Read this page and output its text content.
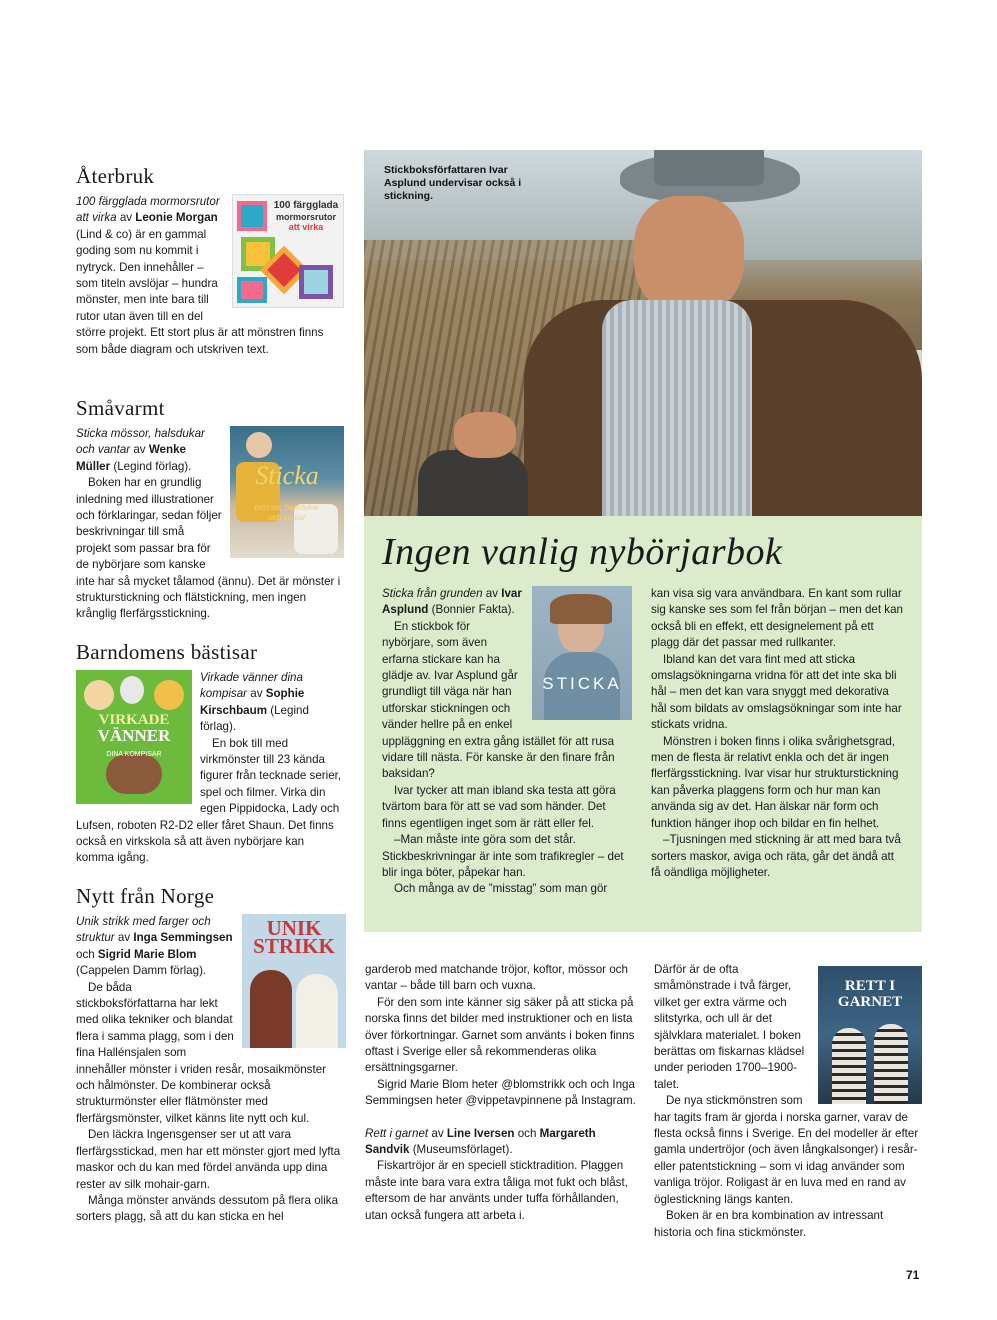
Återbruk
100 färgglada
mormorsrutor
att virka

100 färgglada mormorsrutor att virka av Leonie Morgan (Lind & co) är en gammal goding som nu kommit i nytryck. Den innehåller – som titeln avslöjar – hundra mönster, men inte bara till rutor utan även till en del större projekt. Ett stort plus är att mönstren finns som både diagram och utskriven text.

Småvarmt
Sticka
mössor, halsdukar
och vantar

Sticka mössor, halsdukar och vantar av Wenke Müller (Legind förlag).

Boken har en grundlig inledning med illustrationer och förklaringar, sedan följer beskrivningar till små projekt som passar bra för de nybörjare som kanske inte har så mycket tålamod (ännu). Det är mönster i strukturstickning och flätstickning, men ingen krånglig flerfärgsstickning.

Barndomens bästisar
VIRKADE
VÄNNER
DINA KOMPISAR

Virkade vänner dina kompisar av Sophie Kirschbaum (Legind förlag).

En bok till med virkmönster till 23 kända figurer från tecknade serier, spel och filmer. Virka din egen Pippidocka, Lady och Lufsen, roboten R2-D2 eller fåret Shaun. Det finns också en virkskola så att även nybörjare kan komma igång.

Nytt från Norge
UNIK
STRIKK

Unik strikk med farger och struktur av Inga Semmingsen och Sigrid Marie Blom (Cappelen Damm förlag).

De båda stickboksförfattarna har lekt med olika tekniker och blandat flera i samma plagg, som i den fina Hallénsjalen som innehåller mönster i vriden resår, mosaikmönster och hålmönster. De kombinerar också strukturmönster eller flätmönster med flerfärgsmönster, vilket känns lite nytt och kul.

Den läckra Ingensgenser ser ut att vara flerfärgsstickad, men har ett mönster gjort med lyfta maskor och du kan med fördel använda upp dina rester av silk mohair-garn.

Många mönster används dessutom på flera olika sorters plagg, så att du kan sticka en hel

Stickboksförfattaren Ivar Asplund undervisar också i stickning.
Ingen vanlig nybörjarbok
STICKA

Sticka från grunden av Ivar Asplund (Bonnier Fakta).

En stickbok för nybörjare, som även erfarna stickare kan ha glädje av. Ivar Asplund går grundligt till väga när han utforskar stickningen och vänder hellre på en enkel uppläggning en extra gång istället för att rusa vidare till nästa. För kanske är den finare från baksidan?

Ivar tycker att man ibland ska testa att göra tvärtom bara för att se vad som händer. Det finns egentligen inget som är rätt eller fel.

–Man måste inte göra som det står. Stickbeskrivningar är inte som trafikregler – det blir inga böter, påpekar han.

Och många av de ”misstag” som man gör

kan visa sig vara användbara. En kant som rullar sig kanske ses som fel från början – men det kan också bli en effekt, ett designelement på ett plagg där det passar med rullkanter.

Ibland kan det vara fint med att sticka omslagsökningarna vridna för att det inte ska bli hål – men det kan vara snyggt med dekorativa hål som bildats av omslagsökningar som inte har stickats vridna.

Mönstren i boken finns i olika svårighetsgrad, men de flesta är relativt enkla och det är ingen flerfärgsstickning. Ivar visar hur strukturstickning kan påverka plaggens form och hur man kan använda sig av det. Han älskar när form och funktion hänger ihop och bildar en fin helhet.

–Tjusningen med stickning är att med bara två sorters maskor, aviga och räta, går det ändå att få oändliga möjligheter.

garderob med matchande tröjor, koftor, mössor och vantar – både till barn och vuxna.

För den som inte känner sig säker på att sticka på norska finns det bilder med instruktioner och en lista över förkortningar. Garnet som använts i boken finns oftast i Sverige eller så rekommenderas olika ersättningsgarner.

Sigrid Marie Blom heter @blomstrikk och och Inga Semmingsen heter @vippetavpinnene på Instagram.

Rett i garnet av Line Iversen och Margareth Sandvik (Museumsförlaget).

Fiskartröjor är en speciell sticktradition. Plaggen måste inte bara vara extra tåliga mot fukt och blåst, eftersom de har använts under tuffa förhållanden, utan också fungera att arbeta i.

RETT I
GARNET

Därför är de ofta småmönstrade i två färger, vilket ger extra värme och slitstyrka, och ull är det självklara materialet. I boken berättas om fiskarnas klädsel under perioden 1700–1900-talet.

De nya stickmönstren som har tagits fram är gjorda i norska garner, varav de flesta också finns i Sverige. En del modeller är efter gamla undertröjor (och även långkalsonger) i resår- eller patentstickning – som vi idag använder som vanliga tröjor. Roligast är en luva med en rand av öglestickning längs kanten.

Boken är en bra kombination av intressant historia och fina stickmönster.

71
